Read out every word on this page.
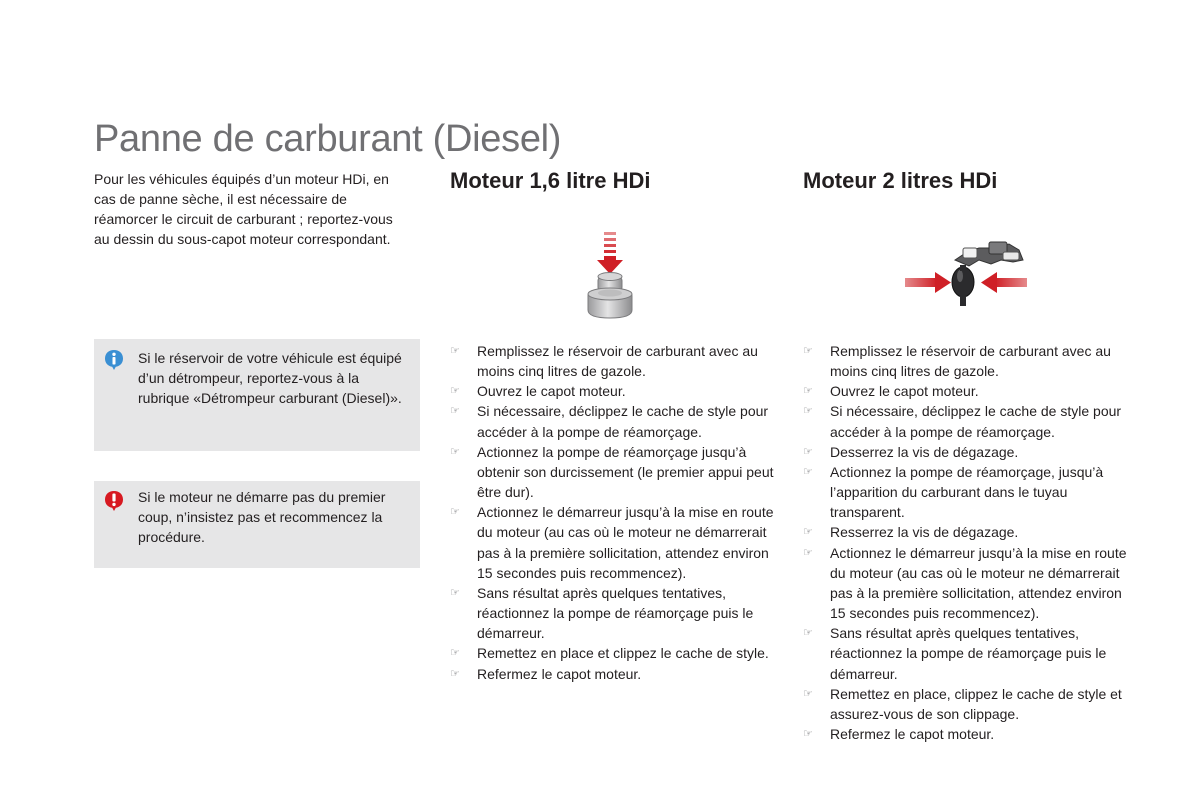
Panne de carburant (Diesel)

Pour les véhicules équipés d’un moteur HDi, en cas de panne sèche, il est nécessaire de réamorcer le circuit de carburant ; reportez-vous au dessin du sous-capot moteur correspondant.

Si le réservoir de votre véhicule est équipé d’un détrompeur, reportez-vous à la rubrique «Détrompeur carburant (Diesel)».

Si le moteur ne démarre pas du premier coup, n’insistez pas et recommencez la procédure.

Moteur 1,6 litre HDi
☞ Remplissez le réservoir de carburant avec au moins cinq litres de gazole.
☞ Ouvrez le capot moteur.
☞ Si nécessaire, déclippez le cache de style pour accéder à la pompe de réamorçage.
☞ Actionnez la pompe de réamorçage jusqu’à obtenir son durcissement (le premier appui peut être dur).
☞ Actionnez le démarreur jusqu’à la mise en route du moteur (au cas où le moteur ne démarrerait pas à la première sollicitation, attendez environ 15 secondes puis recommencez).
☞ Sans résultat après quelques tentatives, réactionnez la pompe de réamorçage puis le démarreur.
☞ Remettez en place et clippez le cache de style.
☞ Refermez le capot moteur.
Moteur 2 litres HDi
☞ Remplissez le réservoir de carburant avec au moins cinq litres de gazole.
☞ Ouvrez le capot moteur.
☞ Si nécessaire, déclippez le cache de style pour accéder à la pompe de réamorçage.
☞ Desserrez la vis de dégazage.
☞ Actionnez la pompe de réamorçage, jusqu’à l’apparition du carburant dans le tuyau transparent.
☞ Resserrez la vis de dégazage.
☞ Actionnez le démarreur jusqu’à la mise en route du moteur (au cas où le moteur ne démarrerait pas à la première sollicitation, attendez environ 15 secondes puis recommencez).
☞ Sans résultat après quelques tentatives, réactionnez la pompe de réamorçage puis le démarreur.
☞ Remettez en place, clippez le cache de style et assurez-vous de son clippage.
☞ Refermez le capot moteur.
